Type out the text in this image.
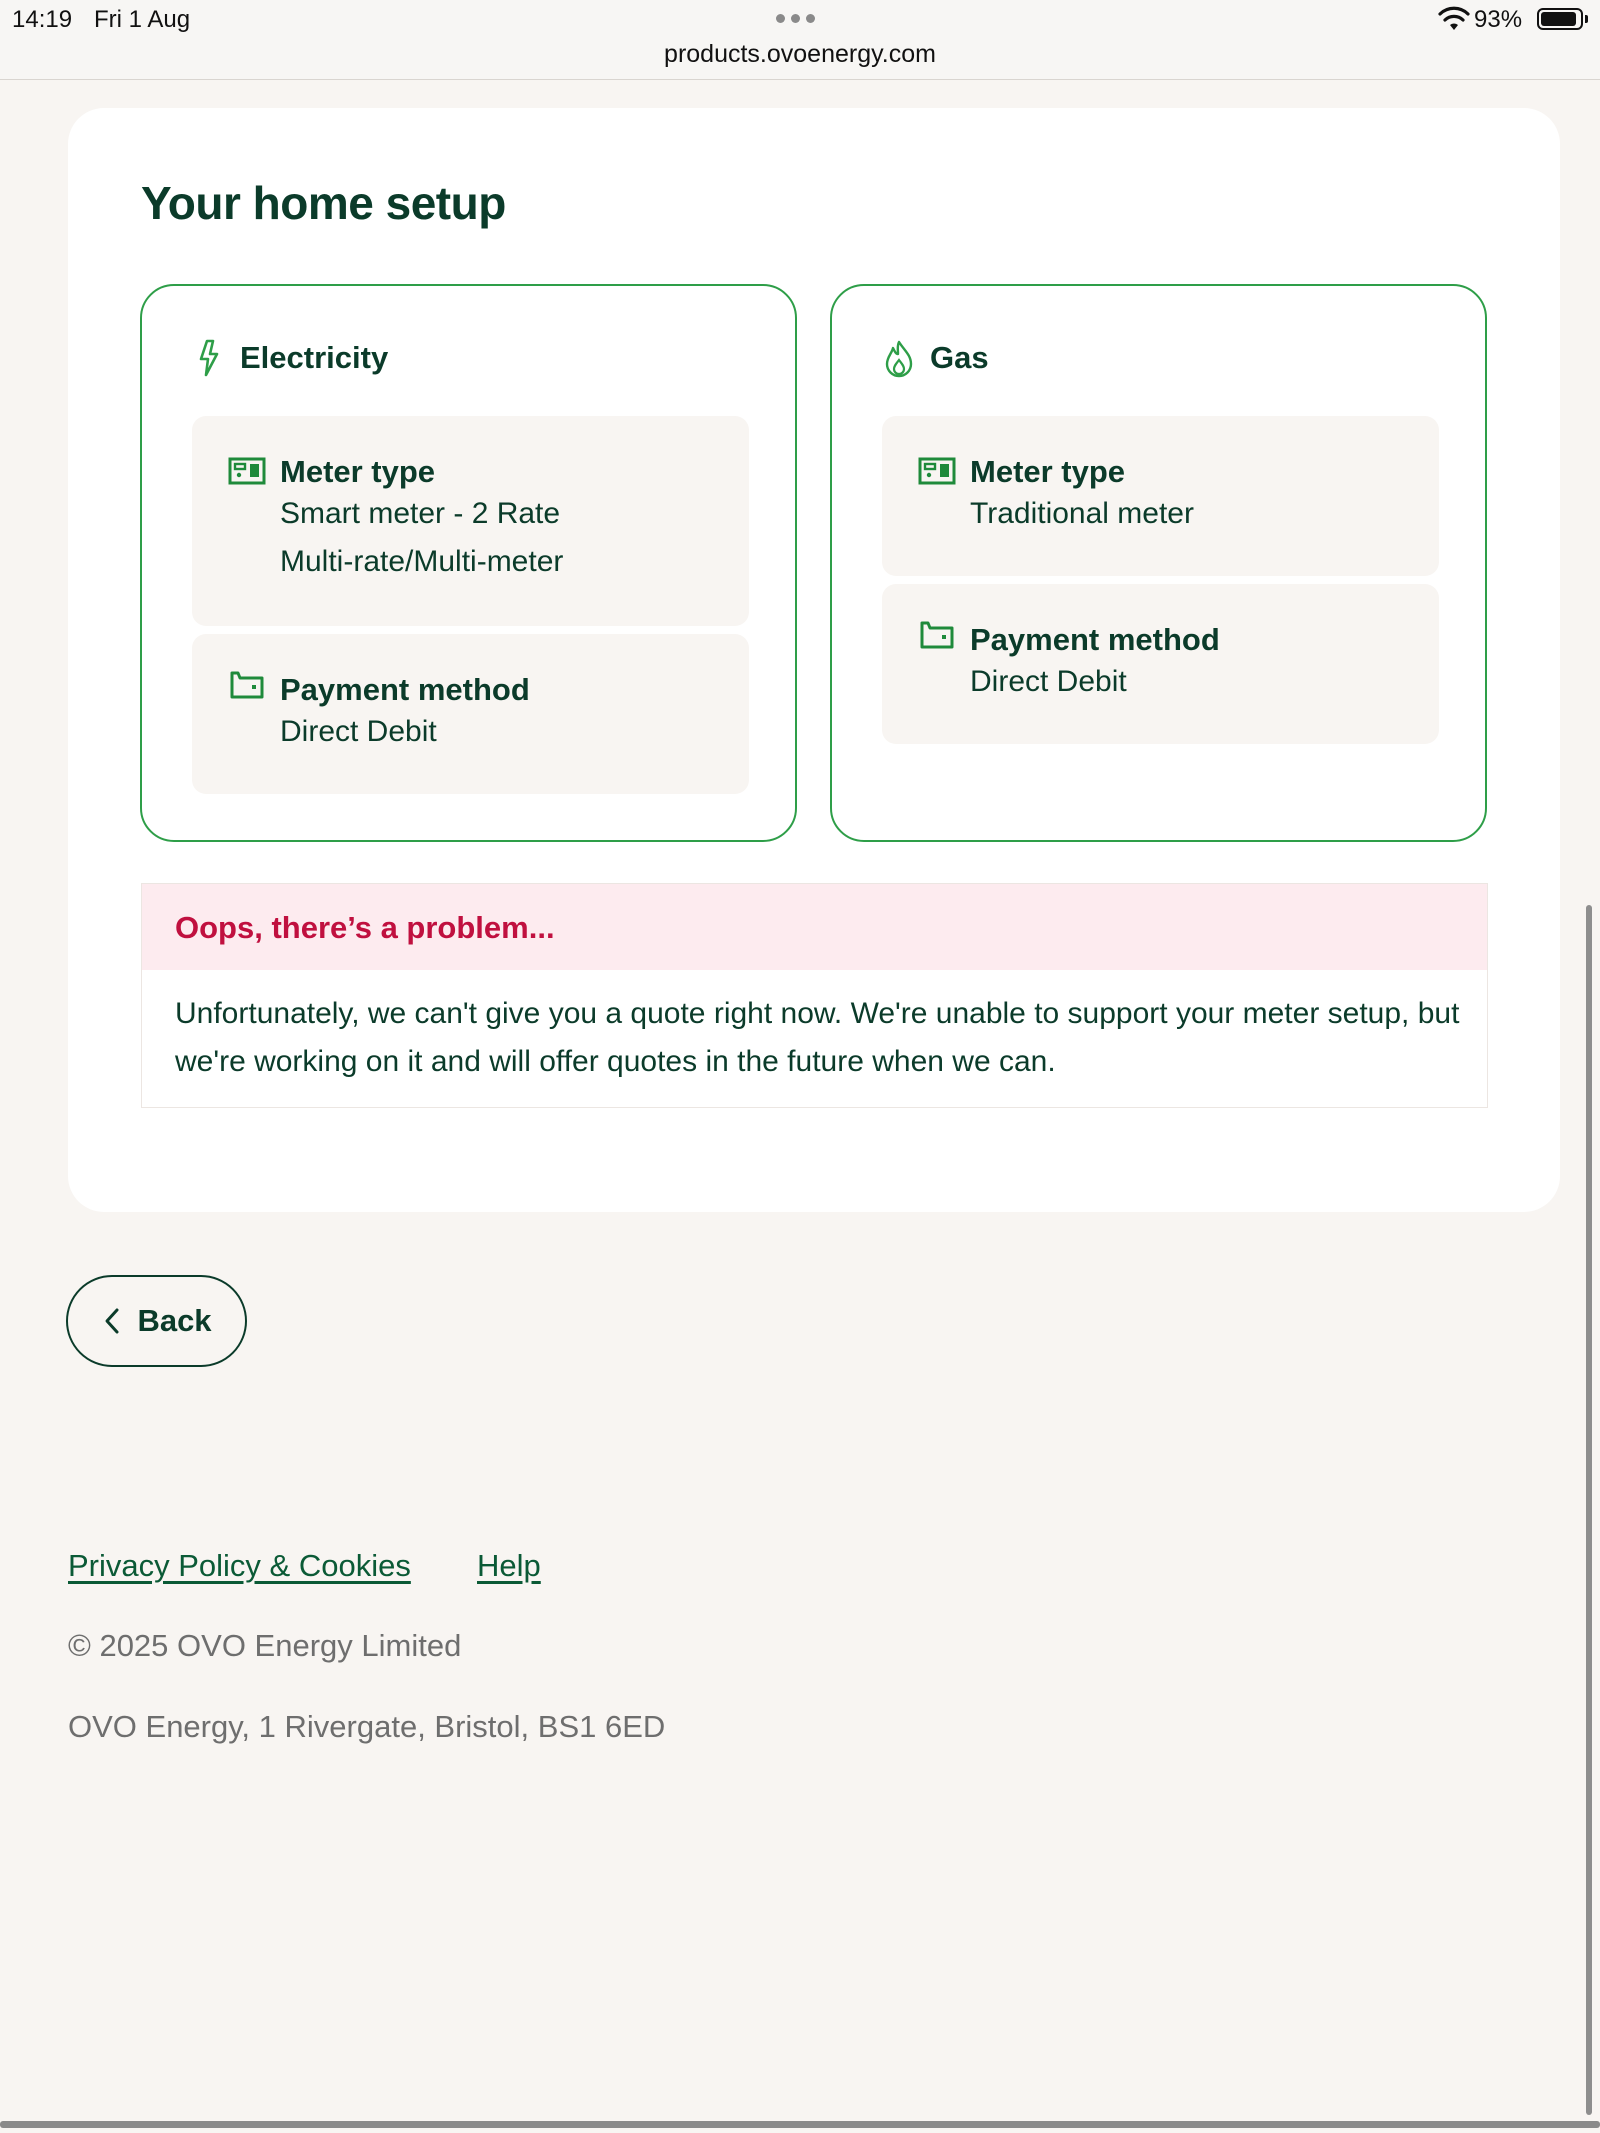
14:19 Fri 1 Aug
products.ovoenergy.com
93%
Your home setup
Electricity
Meter type
Smart meter - 2 Rate
Multi-rate/Multi-meter
Payment method
Direct Debit
Gas
Meter type
Traditional meter
Payment method
Direct Debit
Oops, there’s a problem...
Unfortunately, we can't give you a quote right now. We're unable to support your meter setup, but we're working on it and will offer quotes in the future when we can.
Back
Privacy Policy & Cookies Help
© 2025 OVO Energy Limited
OVO Energy, 1 Rivergate, Bristol, BS1 6ED
